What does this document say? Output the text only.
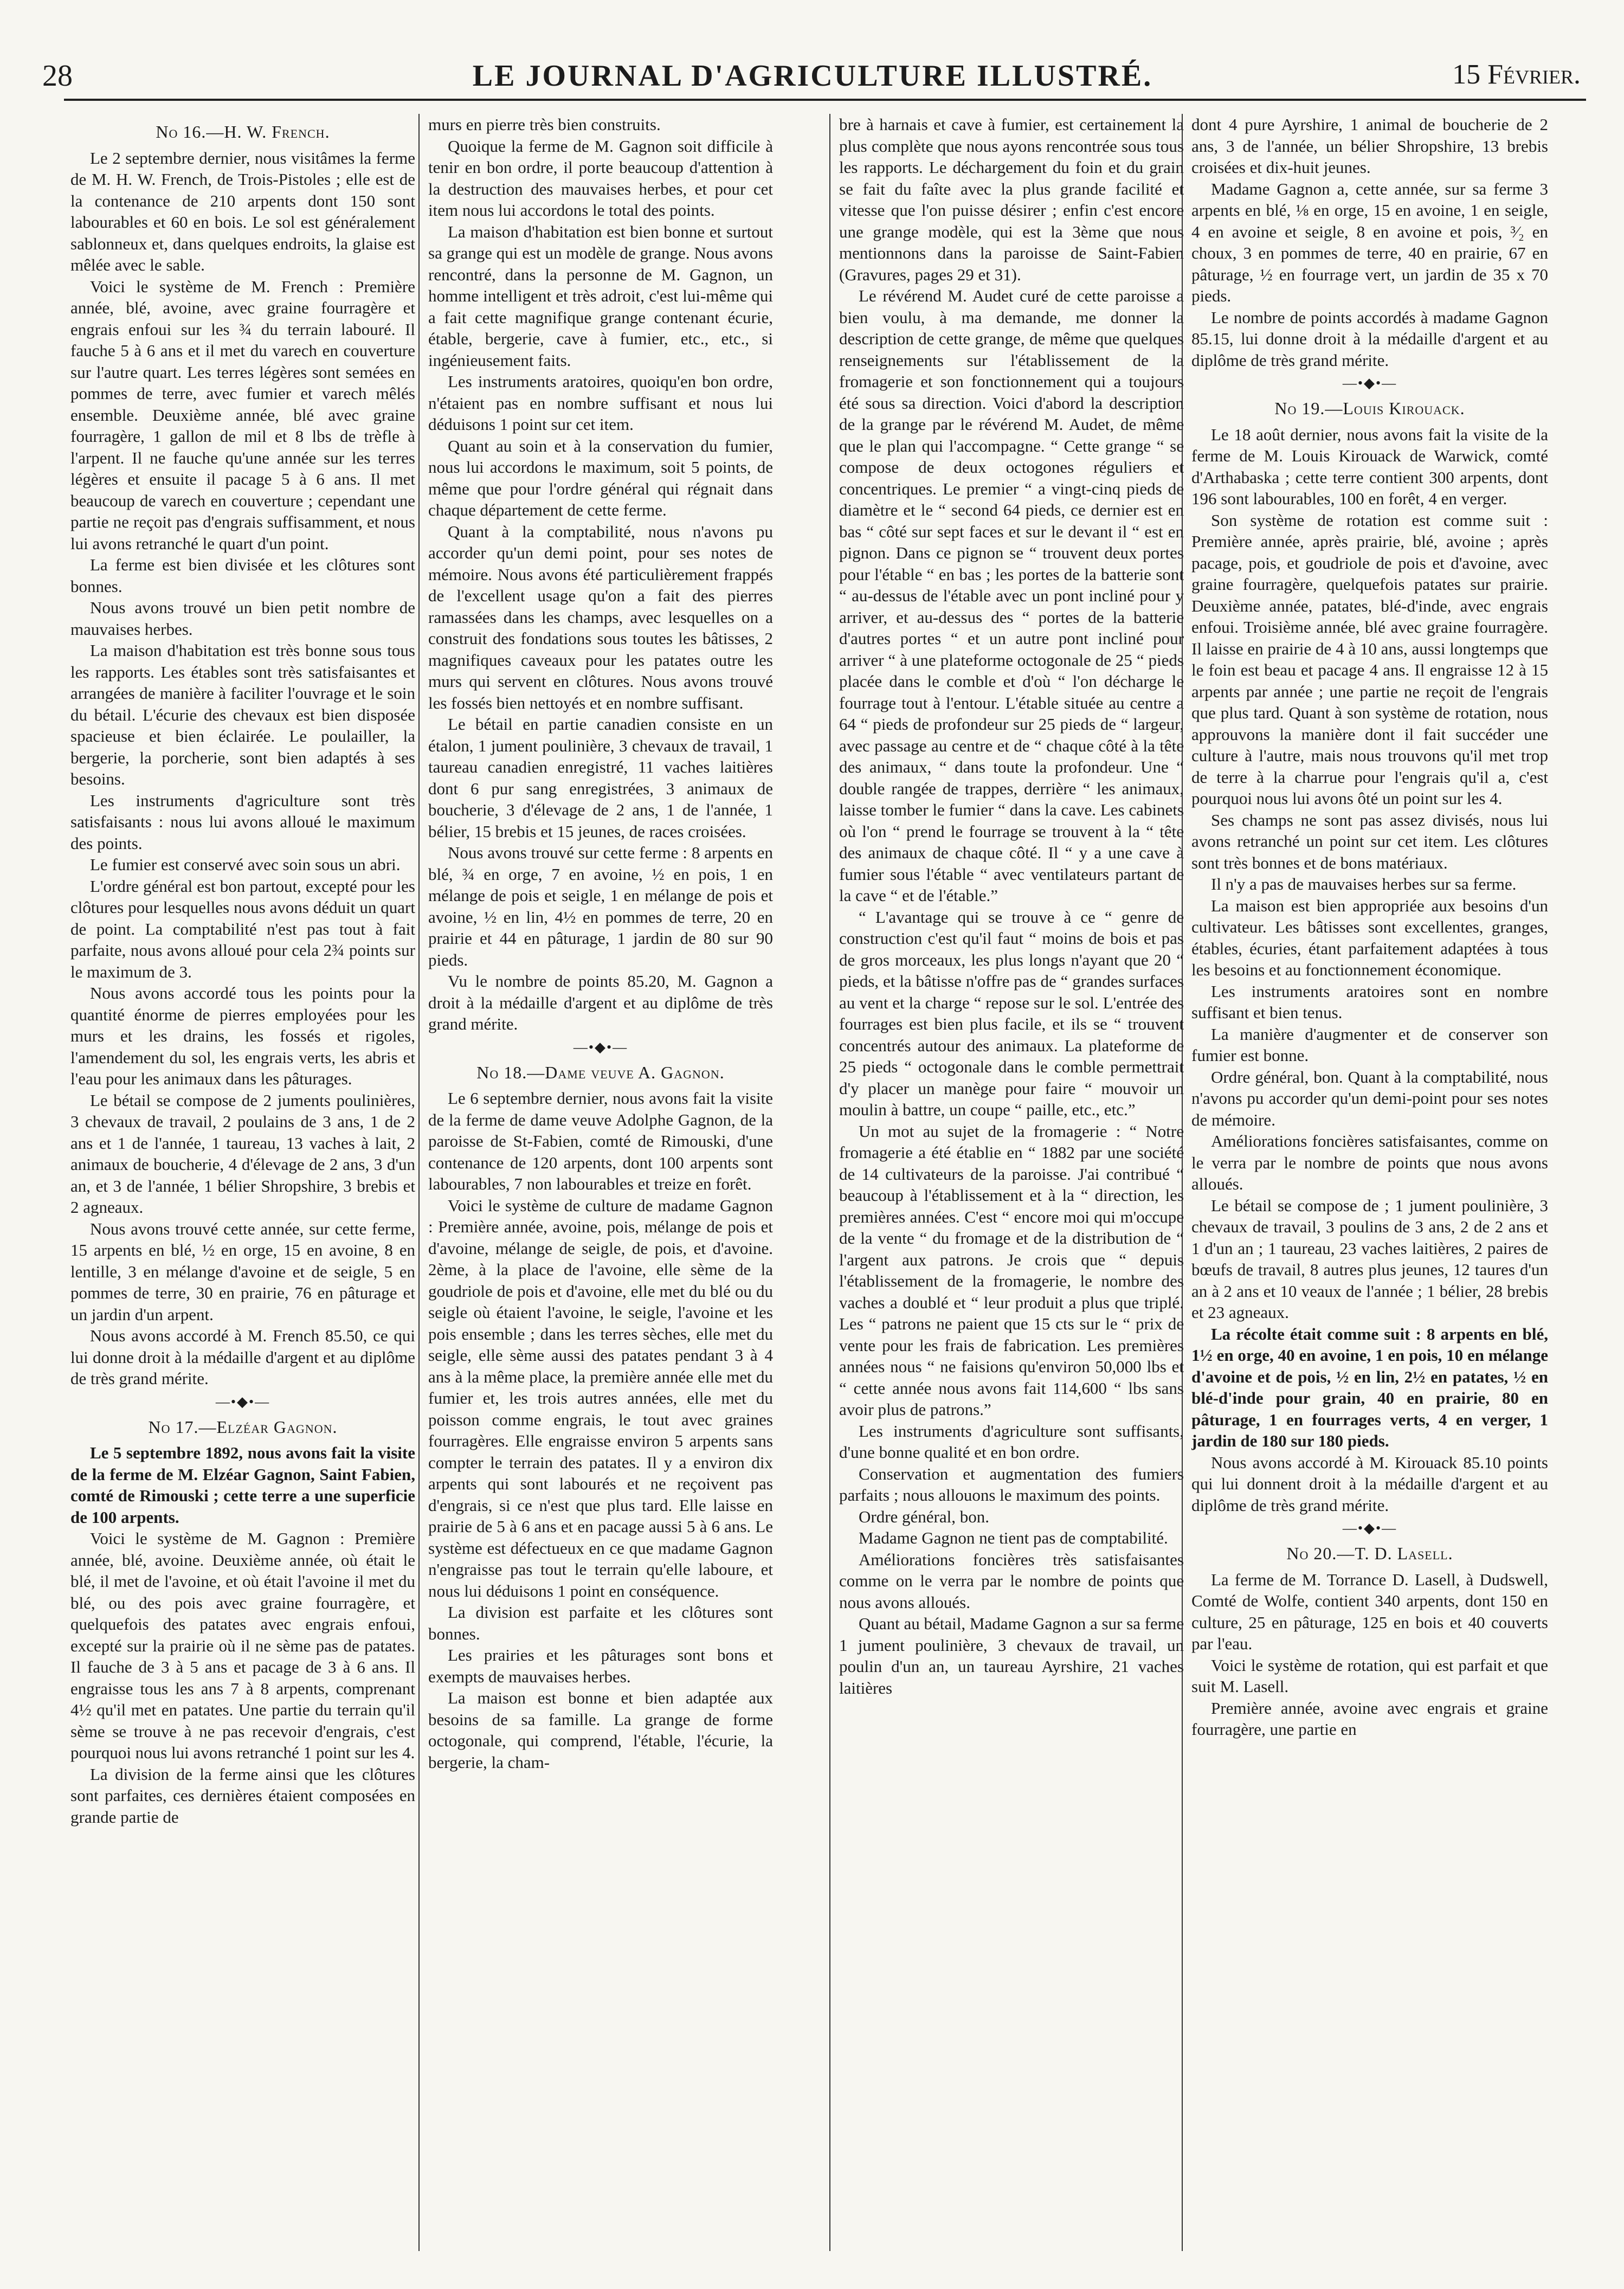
28	LE JOURNAL D'AGRICULTURE ILLUSTRÉ.	15 Février.
No 16.—H. W. French.

Le 2 septembre dernier, nous visitâmes la ferme de M. H. W. French, de Trois-Pistoles ; elle est de la contenance de 210 arpents dont 150 sont labourables et 60 en bois. Le sol est généralement sablonneux et, dans quelques endroits, la glaise est mêlée avec le sable.

Voici le système de M. French : Première année, blé, avoine, avec graine fourragère et engrais enfoui sur les ¾ du terrain labouré. Il fauche 5 à 6 ans et il met du varech en couverture sur l'autre quart. Les terres légères sont semées en pommes de terre, avec fumier et varech mêlés ensemble. Deuxième année, blé avec graine fourragère, 1 gallon de mil et 8 lbs de trèfle à l'arpent. Il ne fauche qu'une année sur les terres légères et ensuite il pacage 5 à 6 ans. Il met beaucoup de varech en couverture ; cependant une partie ne reçoit pas d'engrais suffisamment, et nous lui avons retranché le quart d'un point.

La ferme est bien divisée et les clôtures sont bonnes.

Nous avons trouvé un bien petit nombre de mauvaises herbes.

La maison d'habitation est très bonne sous tous les rapports. Les étables sont très satisfaisantes et arrangées de manière à faciliter l'ouvrage et le soin du bétail. L'écurie des chevaux est bien disposée spacieuse et bien éclairée. Le poulailler, la bergerie, la porcherie, sont bien adaptés à ses besoins.

Les instruments d'agriculture sont très satisfaisants : nous lui avons alloué le maximum des points.

Le fumier est conservé avec soin sous un abri.

L'ordre général est bon partout, excepté pour les clôtures pour lesquelles nous avons déduit un quart de point. La comptabilité n'est pas tout à fait parfaite, nous avons alloué pour cela 2¾ points sur le maximum de 3.

Nous avons accordé tous les points pour la quantité énorme de pierres employées pour les murs et les drains, les fossés et rigoles, l'amendement du sol, les engrais verts, les abris et l'eau pour les animaux dans les pâturages.

Le bétail se compose de 2 juments poulinières, 3 chevaux de travail, 2 poulains de 3 ans, 1 de 2 ans et 1 de l'année, 1 taureau, 13 vaches à lait, 2 animaux de boucherie, 4 d'élevage de 2 ans, 3 d'un an, et 3 de l'année, 1 bélier Shropshire, 3 brebis et 2 agneaux.

Nous avons trouvé cette année, sur cette ferme, 15 arpents en blé, ½ en orge, 15 en avoine, 8 en lentille, 3 en mélange d'avoine et de seigle, 5 en pommes de terre, 30 en prairie, 76 en pâturage et un jardin d'un arpent.

Nous avons accordé à M. French 85.50, ce qui lui donne droit à la médaille d'argent et au diplôme de très grand mérite.

—•◆•—
No 17.—Elzéar Gagnon.

Le 5 septembre 1892, nous avons fait la visite de la ferme de M. Elzéar Gagnon, Saint Fabien, comté de Rimouski ; cette terre a une superficie de 100 arpents.

Voici le système de M. Gagnon : Première année, blé, avoine. Deuxième année, où était le blé, il met de l'avoine, et où était l'avoine il met du blé, ou des pois avec graine fourragère, et quelquefois des patates avec engrais enfoui, excepté sur la prairie où il ne sème pas de patates. Il fauche de 3 à 5 ans et pacage de 3 à 6 ans. Il engraisse tous les ans 7 à 8 arpents, comprenant 4½ qu'il met en patates. Une partie du terrain qu'il sème se trouve à ne pas recevoir d'engrais, c'est pourquoi nous lui avons retranché 1 point sur les 4.

La division de la ferme ainsi que les clôtures sont parfaites, ces dernières étaient composées en grande partie de

murs en pierre très bien construits.

Quoique la ferme de M. Gagnon soit difficile à tenir en bon ordre, il porte beaucoup d'attention à la destruction des mauvaises herbes, et pour cet item nous lui accordons le total des points.

La maison d'habitation est bien bonne et surtout sa grange qui est un modèle de grange. Nous avons rencontré, dans la personne de M. Gagnon, un homme intelligent et très adroit, c'est lui-même qui a fait cette magnifique grange contenant écurie, étable, bergerie, cave à fumier, etc., etc., si ingénieusement faits.

Les instruments aratoires, quoiqu'en bon ordre, n'étaient pas en nombre suffisant et nous lui déduisons 1 point sur cet item.

Quant au soin et à la conservation du fumier, nous lui accordons le maximum, soit 5 points, de même que pour l'ordre général qui régnait dans chaque département de cette ferme.

Quant à la comptabilité, nous n'avons pu accorder qu'un demi point, pour ses notes de mémoire. Nous avons été particulièrement frappés de l'excellent usage qu'on a fait des pierres ramassées dans les champs, avec lesquelles on a construit des fondations sous toutes les bâtisses, 2 magnifiques caveaux pour les patates outre les murs qui servent en clôtures. Nous avons trouvé les fossés bien nettoyés et en nombre suffisant.

Le bétail en partie canadien consiste en un étalon, 1 jument poulinière, 3 chevaux de travail, 1 taureau canadien enregistré, 11 vaches laitières dont 6 pur sang enregistrées, 3 animaux de boucherie, 3 d'élevage de 2 ans, 1 de l'année, 1 bélier, 15 brebis et 15 jeunes, de races croisées.

Nous avons trouvé sur cette ferme : 8 arpents en blé, ¾ en orge, 7 en avoine, ½ en pois, 1 en mélange de pois et seigle, 1 en mélange de pois et avoine, ½ en lin, 4½ en pommes de terre, 20 en prairie et 44 en pâturage, 1 jardin de 80 sur 90 pieds.

Vu le nombre de points 85.20, M. Gagnon a droit à la médaille d'argent et au diplôme de très grand mérite.

—•◆•—
No 18.—Dame veuve A. Gagnon.

Le 6 septembre dernier, nous avons fait la visite de la ferme de dame veuve Adolphe Gagnon, de la paroisse de St-Fabien, comté de Rimouski, d'une contenance de 120 arpents, dont 100 arpents sont labourables, 7 non labourables et treize en forêt.

Voici le système de culture de madame Gagnon : Première année, avoine, pois, mélange de pois et d'avoine, mélange de seigle, de pois, et d'avoine. 2ème, à la place de l'avoine, elle sème de la goudriole de pois et d'avoine, elle met du blé ou du seigle où étaient l'avoine, le seigle, l'avoine et les pois ensemble ; dans les terres sèches, elle met du seigle, elle sème aussi des patates pendant 3 à 4 ans à la même place, la première année elle met du fumier et, les trois autres années, elle met du poisson comme engrais, le tout avec graines fourragères. Elle engraisse environ 5 arpents sans compter le terrain des patates. Il y a environ dix arpents qui sont labourés et ne reçoivent pas d'engrais, si ce n'est que plus tard. Elle laisse en prairie de 5 à 6 ans et en pacage aussi 5 à 6 ans. Le système est défectueux en ce que madame Gagnon n'engraisse pas tout le terrain qu'elle laboure, et nous lui déduisons 1 point en conséquence.

La division est parfaite et les clôtures sont bonnes.

Les prairies et les pâturages sont bons et exempts de mauvaises herbes.

La maison est bonne et bien adaptée aux besoins de sa famille. La grange de forme octogonale, qui comprend, l'étable, l'écurie, la bergerie, la cham-

bre à harnais et cave à fumier, est certainement la plus complète que nous ayons rencontrée sous tous les rapports. Le déchargement du foin et du grain se fait du faîte avec la plus grande facilité et vitesse que l'on puisse désirer ; enfin c'est encore une grange modèle, qui est la 3ème que nous mentionnons dans la paroisse de Saint-Fabien (Gravures, pages 29 et 31).

Le révérend M. Audet curé de cette paroisse a bien voulu, à ma demande, me donner la description de cette grange, de même que quelques renseignements sur l'établissement de la fromagerie et son fonctionnement qui a toujours été sous sa direction. Voici d'abord la description de la grange par le révérend M. Audet, de même que le plan qui l'accompagne. “ Cette grange “ se compose de deux octogones réguliers et concentriques. Le premier “ a vingt-cinq pieds de diamètre et le “ second 64 pieds, ce dernier est en bas “ côté sur sept faces et sur le devant il “ est en pignon. Dans ce pignon se “ trouvent deux portes pour l'étable “ en bas ; les portes de la batterie sont “ au-dessus de l'étable avec un pont incliné pour y arriver, et au-dessus des “ portes de la batterie d'autres portes “ et un autre pont incliné pour arriver “ à une plateforme octogonale de 25 “ pieds placée dans le comble et d'où “ l'on décharge le fourrage tout à l'entour. L'étable située au centre a 64 “ pieds de profondeur sur 25 pieds de “ largeur, avec passage au centre et de “ chaque côté à la tête des animaux, “ dans toute la profondeur. Une “ double rangée de trappes, derrière “ les animaux, laisse tomber le fumier “ dans la cave. Les cabinets où l'on “ prend le fourrage se trouvent à la “ tête des animaux de chaque côté. Il “ y a une cave à fumier sous l'étable “ avec ventilateurs partant de la cave “ et de l'étable.”

“ L'avantage qui se trouve à ce “ genre de construction c'est qu'il faut “ moins de bois et pas de gros morceaux, les plus longs n'ayant que 20 “ pieds, et la bâtisse n'offre pas de “ grandes surfaces au vent et la charge “ repose sur le sol. L'entrée des fourrages est bien plus facile, et ils se “ trouvent concentrés autour des animaux. La plateforme de 25 pieds “ octogonale dans le comble permettrait d'y placer un manège pour faire “ mouvoir un moulin à battre, un coupe “ paille, etc., etc.”

Un mot au sujet de la fromagerie : “ Notre fromagerie a été établie en “ 1882 par une société de 14 cultivateurs de la paroisse. J'ai contribué “ beaucoup à l'établissement et à la “ direction, les premières années. C'est “ encore moi qui m'occupe de la vente “ du fromage et de la distribution de “ l'argent aux patrons. Je crois que “ depuis l'établissement de la fromagerie, le nombre des vaches a doublé et “ leur produit a plus que triplé. Les “ patrons ne paient que 15 cts sur le “ prix de vente pour les frais de fabrication. Les premières années nous “ ne faisions qu'environ 50,000 lbs et “ cette année nous avons fait 114,600 “ lbs sans avoir plus de patrons.”

Les instruments d'agriculture sont suffisants, d'une bonne qualité et en bon ordre.

Conservation et augmentation des fumiers parfaits ; nous allouons le maximum des points.

Ordre général, bon.

Madame Gagnon ne tient pas de comptabilité.

Améliorations foncières très satisfaisantes comme on le verra par le nombre de points que nous avons alloués.

Quant au bétail, Madame Gagnon a sur sa ferme 1 jument poulinière, 3 chevaux de travail, un poulin d'un an, un taureau Ayrshire, 21 vaches laitières

dont 4 pure Ayrshire, 1 animal de boucherie de 2 ans, 3 de l'année, un bélier Shropshire, 13 brebis croisées et dix-huit jeunes.

Madame Gagnon a, cette année, sur sa ferme 3 arpents en blé, ⅛ en orge, 15 en avoine, 1 en seigle, 4 en avoine et seigle, 8 en avoine et pois, ³⁄₂ en choux, 3 en pommes de terre, 40 en prairie, 67 en pâturage, ½ en fourrage vert, un jardin de 35 x 70 pieds.

Le nombre de points accordés à madame Gagnon 85.15, lui donne droit à la médaille d'argent et au diplôme de très grand mérite.

—•◆•—
No 19.—Louis Kirouack.

Le 18 août dernier, nous avons fait la visite de la ferme de M. Louis Kirouack de Warwick, comté d'Arthabaska ; cette terre contient 300 arpents, dont 196 sont labourables, 100 en forêt, 4 en verger.

Son système de rotation est comme suit : Première année, après prairie, blé, avoine ; après pacage, pois, et goudriole de pois et d'avoine, avec graine fourragère, quelquefois patates sur prairie. Deuxième année, patates, blé-d'inde, avec engrais enfoui. Troisième année, blé avec graine fourragère. Il laisse en prairie de 4 à 10 ans, aussi longtemps que le foin est beau et pacage 4 ans. Il engraisse 12 à 15 arpents par année ; une partie ne reçoit de l'engrais que plus tard. Quant à son système de rotation, nous approuvons la manière dont il fait succéder une culture à l'autre, mais nous trouvons qu'il met trop de terre à la charrue pour l'engrais qu'il a, c'est pourquoi nous lui avons ôté un point sur les 4.

Ses champs ne sont pas assez divisés, nous lui avons retranché un point sur cet item. Les clôtures sont très bonnes et de bons matériaux.

Il n'y a pas de mauvaises herbes sur sa ferme.

La maison est bien appropriée aux besoins d'un cultivateur. Les bâtisses sont excellentes, granges, étables, écuries, étant parfaitement adaptées à tous les besoins et au fonctionnement économique.

Les instruments aratoires sont en nombre suffisant et bien tenus.

La manière d'augmenter et de conserver son fumier est bonne.

Ordre général, bon. Quant à la comptabilité, nous n'avons pu accorder qu'un demi-point pour ses notes de mémoire.

Améliorations foncières satisfaisantes, comme on le verra par le nombre de points que nous avons alloués.

Le bétail se compose de ; 1 jument poulinière, 3 chevaux de travail, 3 poulins de 3 ans, 2 de 2 ans et 1 d'un an ; 1 taureau, 23 vaches laitières, 2 paires de bœufs de travail, 8 autres plus jeunes, 12 taures d'un an à 2 ans et 10 veaux de l'année ; 1 bélier, 28 brebis et 23 agneaux.

La récolte était comme suit : 8 arpents en blé, 1½ en orge, 40 en avoine, 1 en pois, 10 en mélange d'avoine et de pois, ½ en lin, 2½ en patates, ½ en blé-d'inde pour grain, 40 en prairie, 80 en pâturage, 1 en fourrages verts, 4 en verger, 1 jardin de 180 sur 180 pieds.

Nous avons accordé à M. Kirouack 85.10 points qui lui donnent droit à la médaille d'argent et au diplôme de très grand mérite.

—•◆•—
No 20.—T. D. Lasell.

La ferme de M. Torrance D. Lasell, à Dudswell, Comté de Wolfe, contient 340 arpents, dont 150 en culture, 25 en pâturage, 125 en bois et 40 couverts par l'eau.

Voici le système de rotation, qui est parfait et que suit M. Lasell.

Première année, avoine avec engrais et graine fourragère, une partie en
